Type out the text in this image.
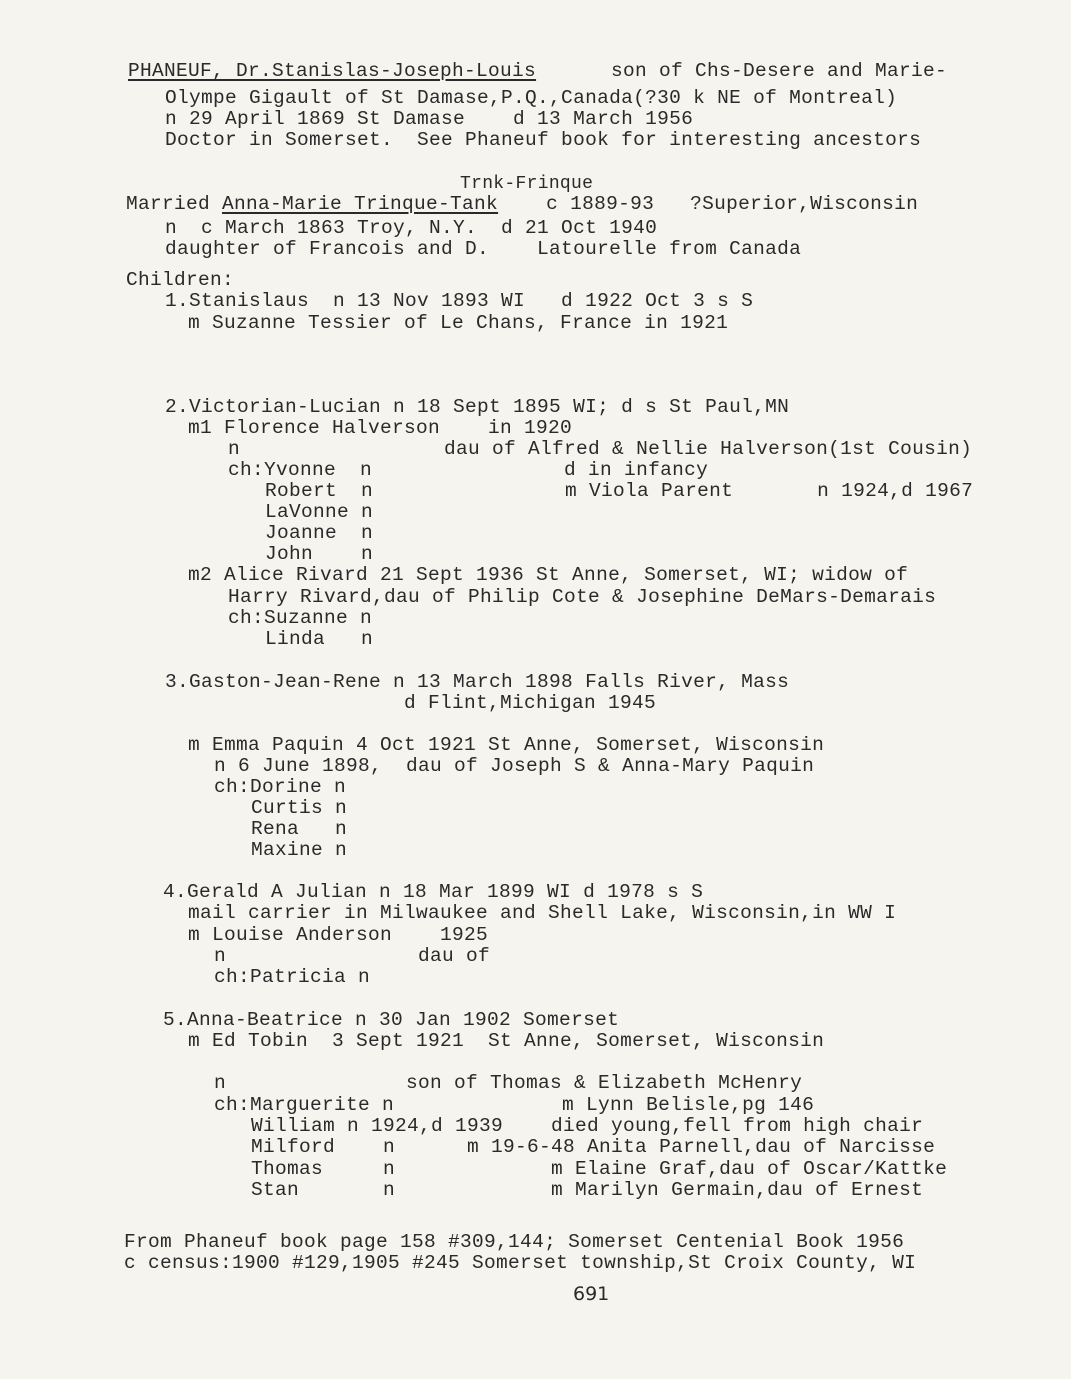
PHANEUF, Dr.Stanislas-Joseph-Louis	son of Chs-Desere and Marie-
Olympe Gigault of St Damase,P.Q.,Canada(?30 k NE of Montreal)
n 29 April 1869 St Damase    d 13 March 1956
Doctor in Somerset.  See Phaneuf book for interesting ancestors
Trnk-Frinque
Married Anna-Marie Trinque-Tank    c 1889-93   ?Superior,Wisconsin
n  c March 1863 Troy, N.Y.  d 21 Oct 1940
daughter of Francois and D.    Latourelle from Canada
Children:
1.Stanislaus  n 13 Nov 1893 WI   d 1922 Oct 3 s S
m Suzanne Tessier of Le Chans, France in 1921
2.Victorian-Lucian n 18 Sept 1895 WI; d s St Paul,MN
m1 Florence Halverson    in 1920
n                 dau of Alfred & Nellie Halverson(1st Cousin)
ch:Yvonne  n                d in infancy
Robert  n                m Viola Parent       n 1924,d 1967
LaVonne n
Joanne  n
John    n
m2 Alice Rivard 21 Sept 1936 St Anne, Somerset, WI; widow of
Harry Rivard,dau of Philip Cote & Josephine DeMars-Demarais
ch:Suzanne n
Linda   n
3.Gaston-Jean-Rene n 13 March 1898 Falls River, Mass
d Flint,Michigan 1945
m Emma Paquin 4 Oct 1921 St Anne, Somerset, Wisconsin
n 6 June 1898,  dau of Joseph S & Anna-Mary Paquin
ch:Dorine n
Curtis n
Rena   n
Maxine n
4.Gerald A Julian n 18 Mar 1899 WI d 1978 s S
mail carrier in Milwaukee and Shell Lake, Wisconsin,in WW I
m Louise Anderson    1925
n                dau of
ch:Patricia n
5.Anna-Beatrice n 30 Jan 1902 Somerset
m Ed Tobin  3 Sept 1921  St Anne, Somerset, Wisconsin
n               son of Thomas & Elizabeth McHenry
ch:Marguerite n              m Lynn Belisle,pg 146
William n 1924,d 1939    died young,fell from high chair
Milford    n      m 19-6-48 Anita Parnell,dau of Narcisse
Thomas     n             m Elaine Graf,dau of Oscar/Kattke
Stan       n             m Marilyn Germain,dau of Ernest
From Phaneuf book page 158 #309,144; Somerset Centenial Book 1956
c census:1900 #129,1905 #245 Somerset township,St Croix County, WI
691
